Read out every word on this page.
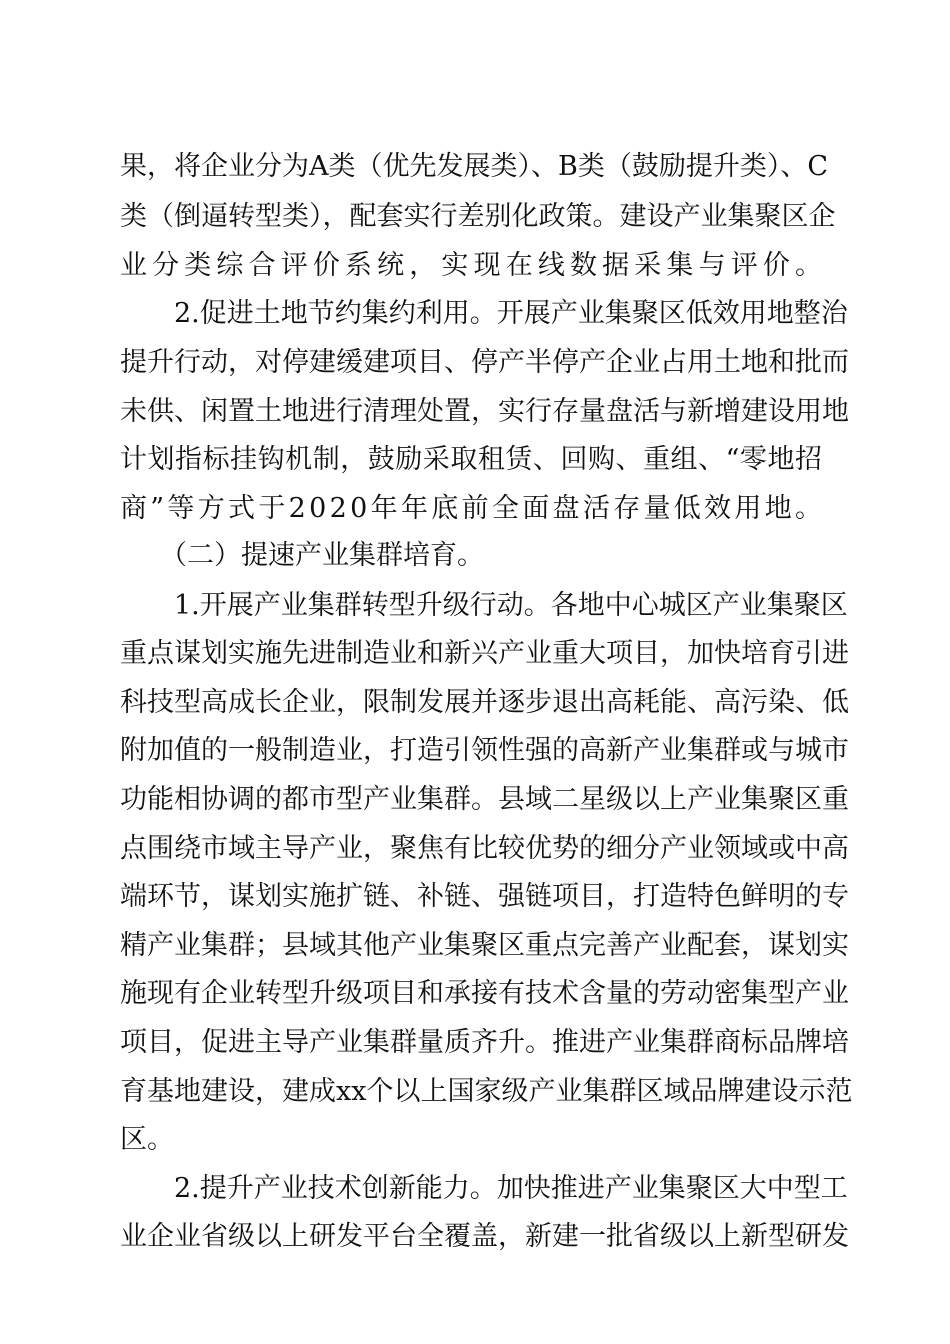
果，将企业分为A类（优先发展类）、B类（鼓励提升类）、C
类（倒逼转型类），配套实行差别化政策。建设产业集聚区企
业分类综合评价系统，实现在线数据采集与评价。
2.促进土地节约集约利用。开展产业集聚区低效用地整治
提升行动，对停建缓建项目、停产半停产企业占用土地和批而
未供、闲置土地进行清理处置，实行存量盘活与新增建设用地
计划指标挂钩机制，鼓励采取租赁、回购、重组、“零地招
商”等方式于2020年年底前全面盘活存量低效用地。
（二）提速产业集群培育。
1.开展产业集群转型升级行动。各地中心城区产业集聚区
重点谋划实施先进制造业和新兴产业重大项目，加快培育引进
科技型高成长企业，限制发展并逐步退出高耗能、高污染、低
附加值的一般制造业，打造引领性强的高新产业集群或与城市
功能相协调的都市型产业集群。县域二星级以上产业集聚区重
点围绕市域主导产业，聚焦有比较优势的细分产业领域或中高
端环节，谋划实施扩链、补链、强链项目，打造特色鲜明的专
精产业集群；县域其他产业集聚区重点完善产业配套，谋划实
施现有企业转型升级项目和承接有技术含量的劳动密集型产业
项目，促进主导产业集群量质齐升。推进产业集群商标品牌培
育基地建设，建成xx个以上国家级产业集群区域品牌建设示范
区。
2.提升产业技术创新能力。加快推进产业集聚区大中型工
业企业省级以上研发平台全覆盖，新建一批省级以上新型研发
